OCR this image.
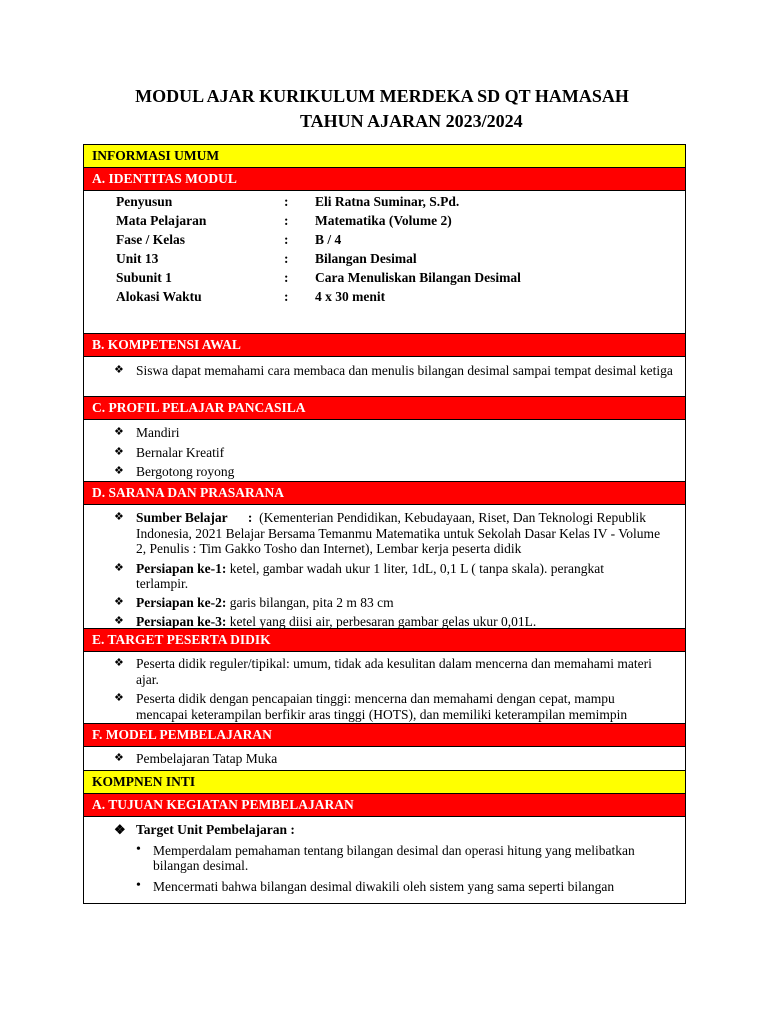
MODUL AJAR KURIKULUM MERDEKA SD QT HAMASAH
TAHUN AJARAN 2023/2024
INFORMASI UMUM
A. IDENTITAS MODUL
Penyusun	:	Eli Ratna Suminar, S.Pd.
Mata Pelajaran	:	Matematika (Volume 2)
Fase / Kelas	:	B / 4
Unit 13	:	Bilangan Desimal
Subunit 1	:	Cara Menuliskan Bilangan Desimal
Alokasi Waktu	:	4 x 30 menit
B. KOMPETENSI AWAL
❖ Siswa dapat memahami cara membaca dan menulis bilangan desimal sampai tempat desimal ketiga
C. PROFIL PELAJAR PANCASILA
❖ Mandiri
❖ Bernalar Kreatif
❖ Bergotong royong
D. SARANA DAN PRASARANA
❖ Sumber Belajar : (Kementerian Pendidikan, Kebudayaan, Riset, Dan Teknologi Republik Indonesia, 2021 Belajar Bersama Temanmu Matematika untuk Sekolah Dasar Kelas IV - Volume 2, Penulis : Tim Gakko Tosho dan Internet), Lembar kerja peserta didik
❖ Persiapan ke-1: ketel, gambar wadah ukur 1 liter, 1dL, 0,1 L ( tanpa skala). perangkat terlampir.
❖ Persiapan ke-2: garis bilangan, pita 2 m 83 cm
❖ Persiapan ke-3: ketel yang diisi air, perbesaran gambar gelas ukur 0,01L.
E. TARGET PESERTA DIDIK
❖ Peserta didik reguler/tipikal: umum, tidak ada kesulitan dalam mencerna dan memahami materi ajar.
❖ Peserta didik dengan pencapaian tinggi: mencerna dan memahami dengan cepat, mampu mencapai keterampilan berfikir aras tinggi (HOTS), dan memiliki keterampilan memimpin
F. MODEL PEMBELAJARAN
❖ Pembelajaran Tatap Muka
KOMPNEN INTI
A. TUJUAN KEGIATAN PEMBELAJARAN
❖ Target Unit Pembelajaran :
• Memperdalam pemahaman tentang bilangan desimal dan operasi hitung yang melibatkan bilangan desimal.
• Mencermati bahwa bilangan desimal diwakili oleh sistem yang sama seperti bilangan
